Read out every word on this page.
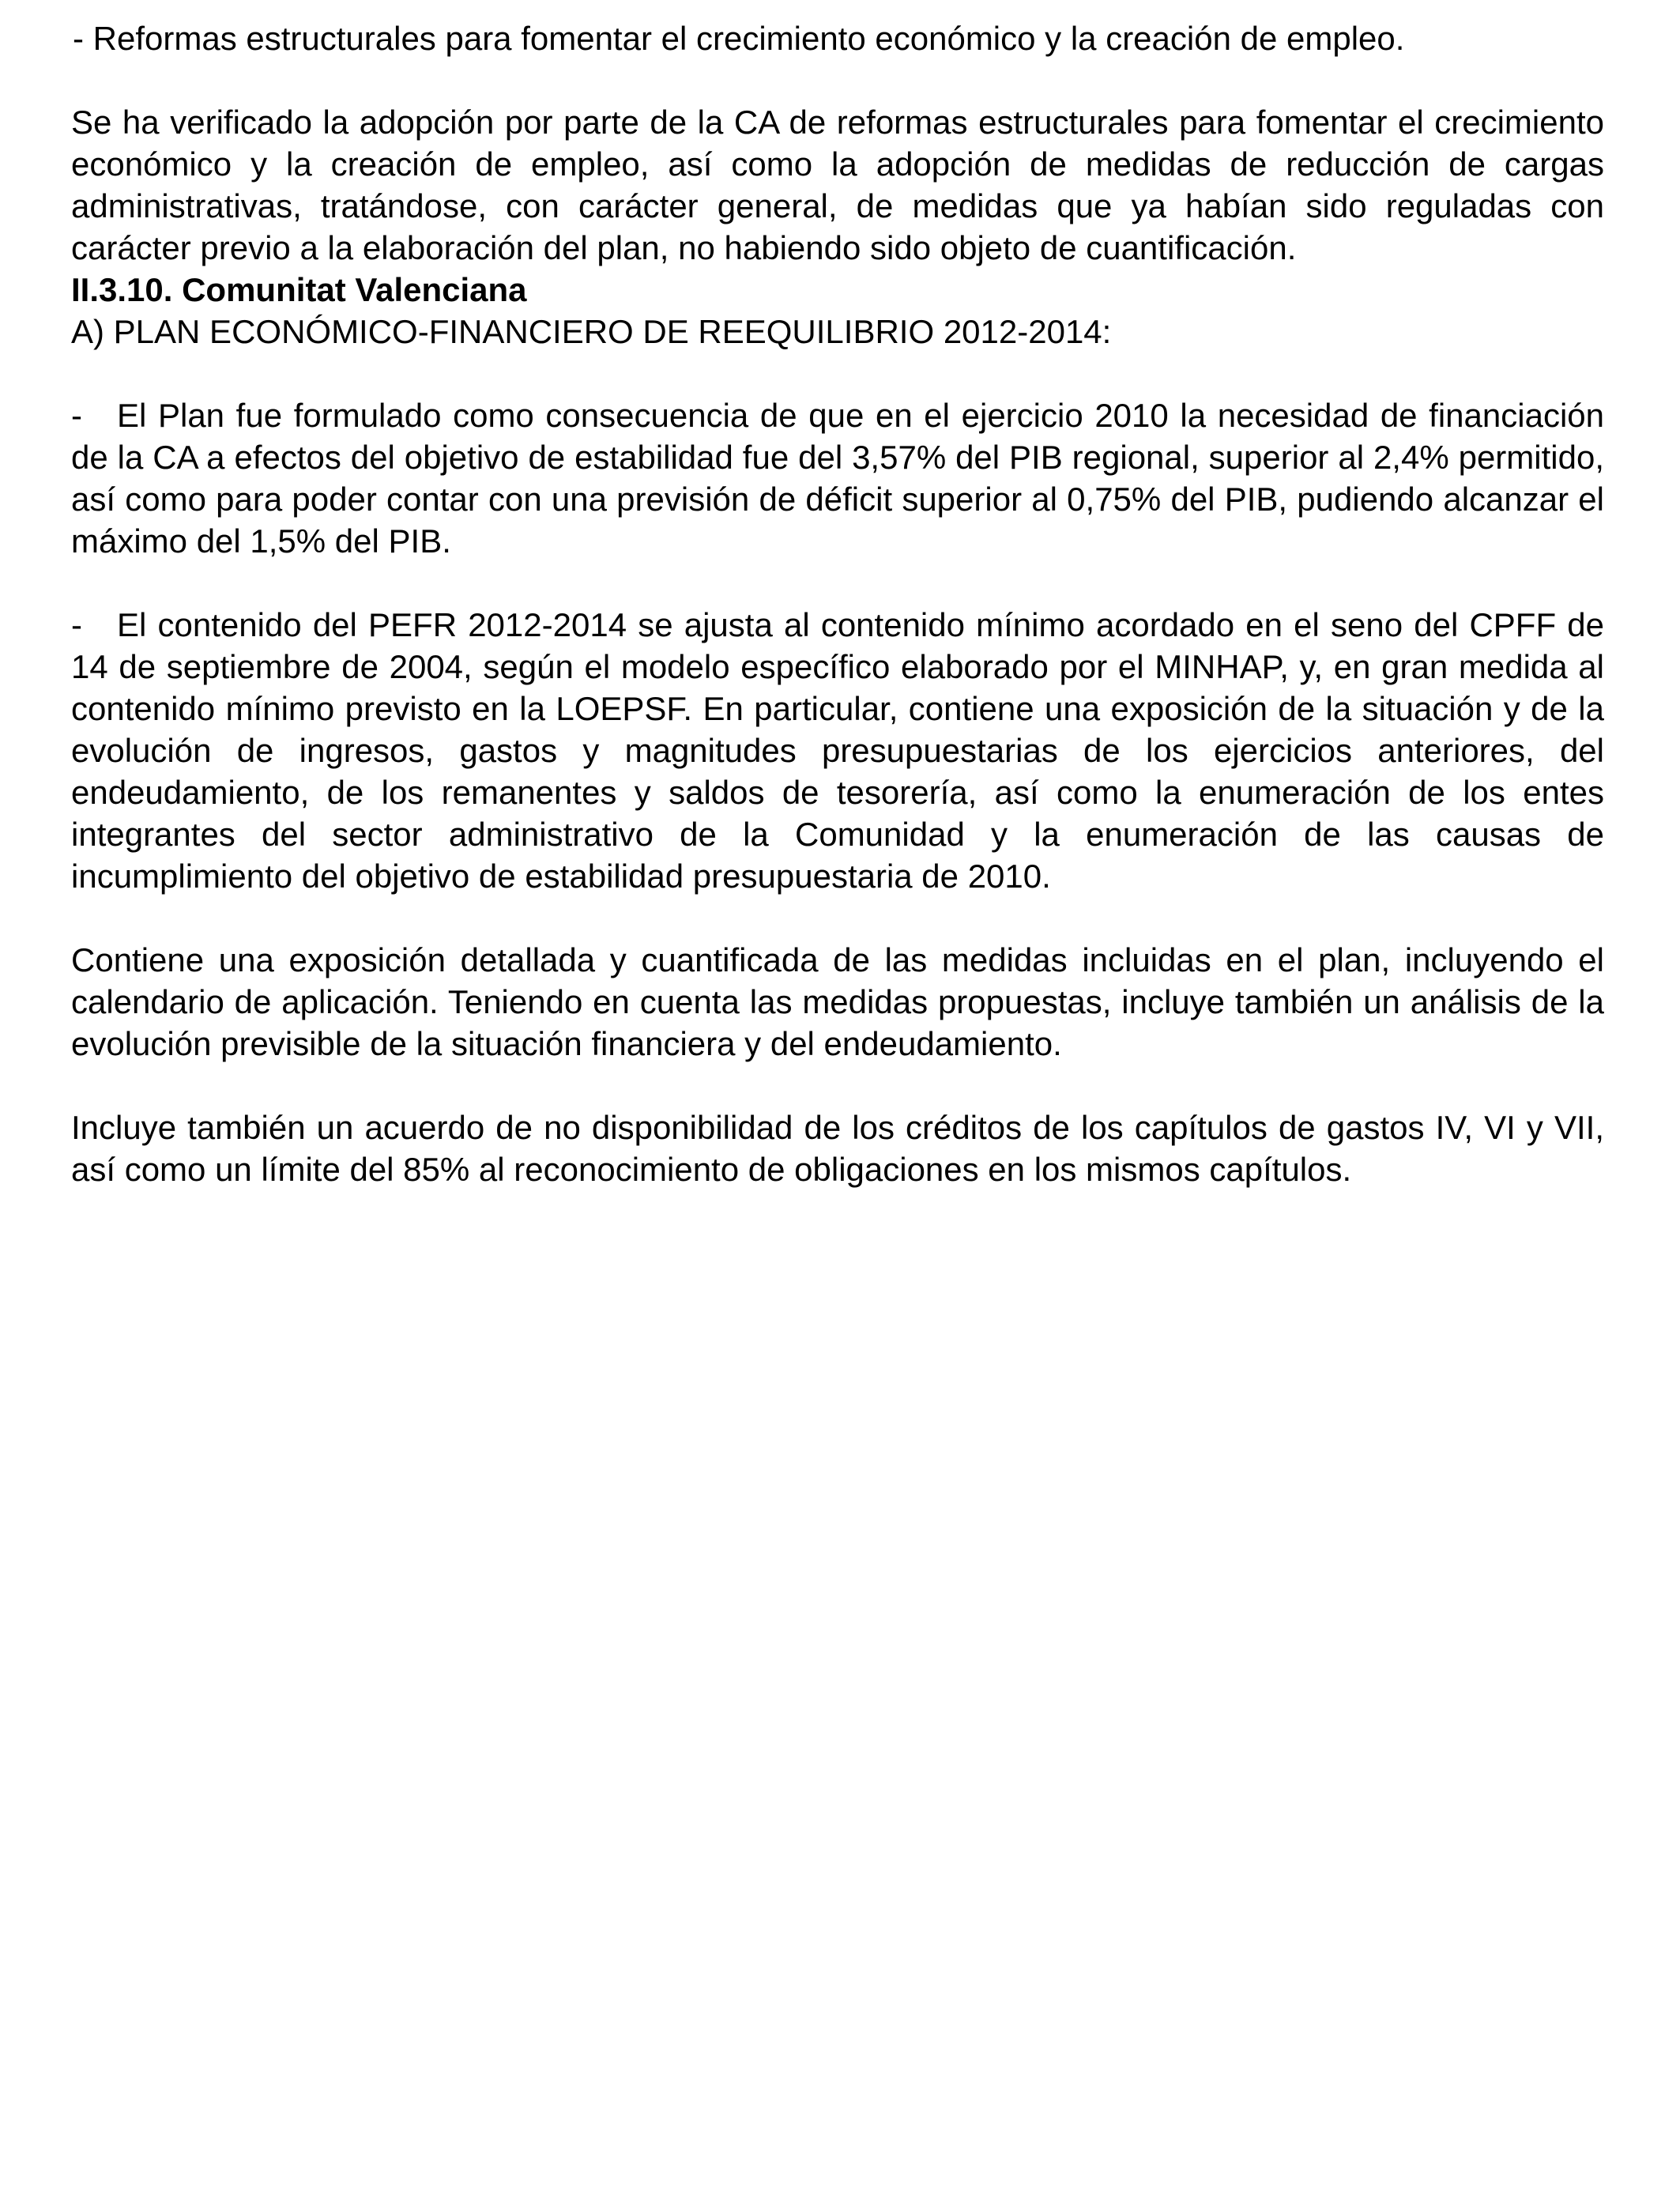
- Reformas estructurales para fomentar el crecimiento económico y la creación de empleo.

Se ha verificado la adopción por parte de la CA de reformas estructurales para fomentar el crecimiento económico y la creación de empleo, así como la adopción de medidas de reducción de cargas administrativas, tratándose, con carácter general, de medidas que ya habían sido reguladas con carácter previo a la elaboración del plan, no habiendo sido objeto de cuantificación.

II.3.10. Comunitat Valenciana

A) PLAN ECONÓMICO-FINANCIERO DE REEQUILIBRIO 2012-2014:

- El Plan fue formulado como consecuencia de que en el ejercicio 2010 la necesidad de financiación de la CA a efectos del objetivo de estabilidad fue del 3,57% del PIB regional, superior al 2,4% permitido, así como para poder contar con una previsión de déficit superior al 0,75% del PIB, pudiendo alcanzar el máximo del 1,5% del PIB.

- El contenido del PEFR 2012-2014 se ajusta al contenido mínimo acordado en el seno del CPFF de 14 de septiembre de 2004, según el modelo específico elaborado por el MINHAP, y, en gran medida al contenido mínimo previsto en la LOEPSF. En particular, contiene una exposición de la situación y de la evolución de ingresos, gastos y magnitudes presupuestarias de los ejercicios anteriores, del endeudamiento, de los remanentes y saldos de tesorería, así como la enumeración de los entes integrantes del sector administrativo de la Comunidad y la enumeración de las causas de incumplimiento del objetivo de estabilidad presupuestaria de 2010.

Contiene una exposición detallada y cuantificada de las medidas incluidas en el plan, incluyendo el calendario de aplicación. Teniendo en cuenta las medidas propuestas, incluye también un análisis de la evolución previsible de la situación financiera y del endeudamiento.

Incluye también un acuerdo de no disponibilidad de los créditos de los capítulos de gastos IV, VI y VII, así como un límite del 85% al reconocimiento de obligaciones en los mismos capítulos.
